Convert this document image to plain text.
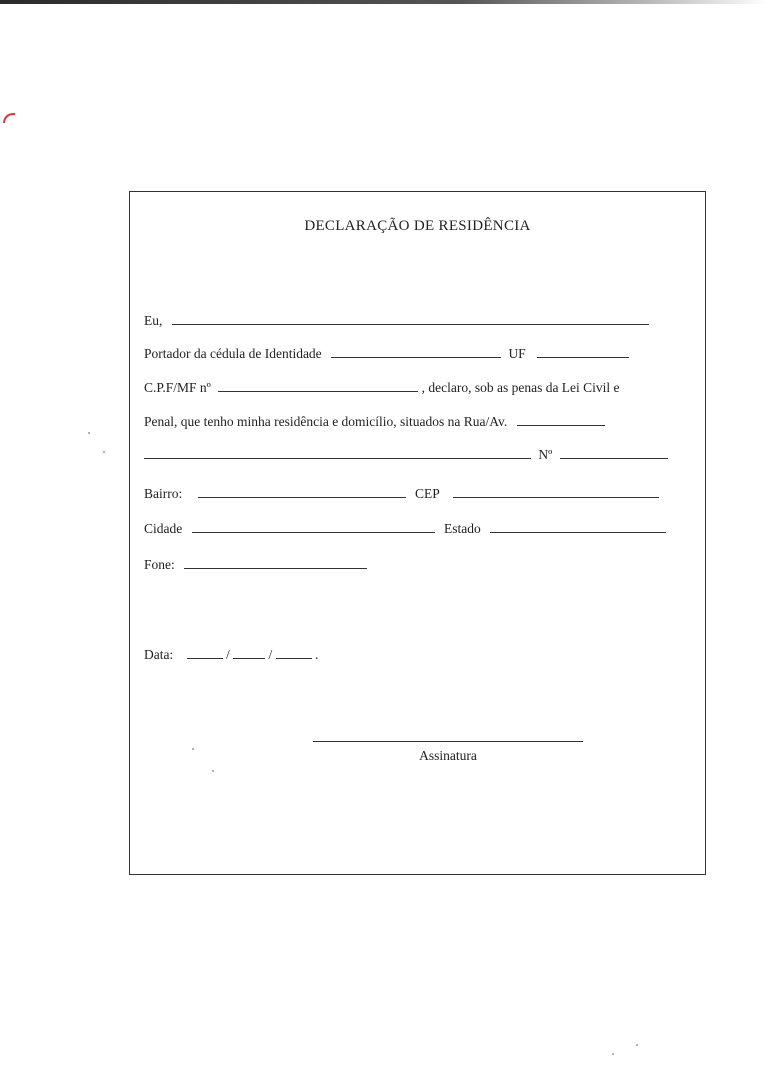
DECLARAÇÃO DE RESIDÊNCIA
Eu,
Portador da cédula de Identidade	UF
C.P.F/MF nº	, declaro, sob as penas da Lei Civil e
Penal, que tenho minha residência e domicílio, situados na Rua/Av.
Nº
Bairro:	CEP
Cidade	Estado
Fone:
Data:	/	/	.
Assinatura
